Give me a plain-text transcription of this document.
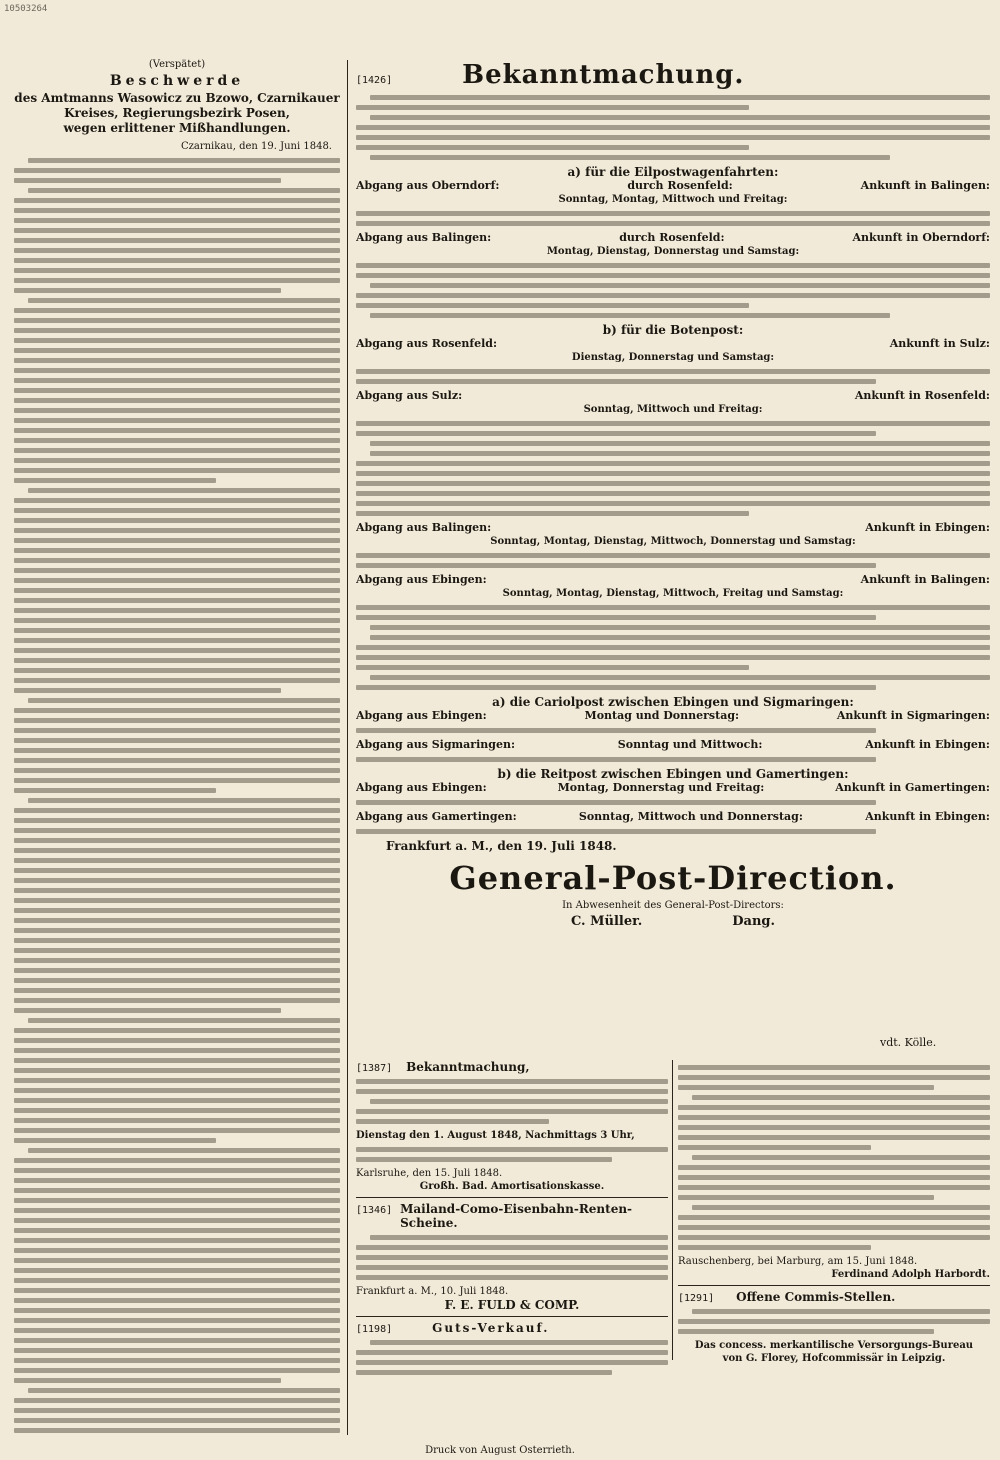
10503264
(Verspätet)
Beschwerde
des Amtmanns Wasowicz zu Bzowo, Czarnikauer
Kreises, Regierungsbezirk Posen,
wegen erlittener Mißhandlungen.
Czarnikau, den 19. Juni 1848.
[1426]	Bekanntmachung.
a) für die Eilpostwagenfahrten:
Abgang aus Oberndorf:	durch Rosenfeld:	Ankunft in Balingen:
Sonntag, Montag, Mittwoch und Freitag:
Abgang aus Balingen:	durch Rosenfeld:	Ankunft in Oberndorf:
Montag, Dienstag, Donnerstag und Samstag:
b) für die Botenpost:
Abgang aus Rosenfeld:	Ankunft in Sulz:
Dienstag, Donnerstag und Samstag:
Abgang aus Sulz:	Ankunft in Rosenfeld:
Sonntag, Mittwoch und Freitag:
Abgang aus Balingen:	Ankunft in Ebingen:
Sonntag, Montag, Dienstag, Mittwoch, Donnerstag und Samstag:
Abgang aus Ebingen:	Ankunft in Balingen:
Sonntag, Montag, Dienstag, Mittwoch, Freitag und Samstag:
a) die Cariolpost zwischen Ebingen und Sigmaringen:
Abgang aus Ebingen:	Montag und Donnerstag:	Ankunft in Sigmaringen:
Abgang aus Sigmaringen:	Sonntag und Mittwoch:	Ankunft in Ebingen:
b) die Reitpost zwischen Ebingen und Gamertingen:
Abgang aus Ebingen:	Montag, Donnerstag und Freitag:	Ankunft in Gamertingen:
Abgang aus Gamertingen:	Sonntag, Mittwoch und Donnerstag:	Ankunft in Ebingen:
Frankfurt a. M., den 19. Juli 1848.
General-Post-Direction.
In Abwesenheit des General-Post-Directors:
C. Müller.	Dang.
vdt. Kölle.
[1387] Bekanntmachung,
Dienstag den 1. August 1848, Nachmittags 3 Uhr,
Karlsruhe, den 15. Juli 1848.
Großh. Bad. Amortisationskasse.
[1346] Mailand-Como-Eisenbahn-Renten-Scheine.
Frankfurt a. M., 10. Juli 1848.
F. E. FULD & COMP.
[1198]	Guts-Verkauf.
Rauschenberg, bei Marburg, am 15. Juni 1848.
Ferdinand Adolph Harbordt.
[1291] Offene Commis-Stellen.
Das concess. merkantilische Versorgungs-Bureau
von G. Florey, Hofcommissär in Leipzig.
Druck von August Osterrieth.
